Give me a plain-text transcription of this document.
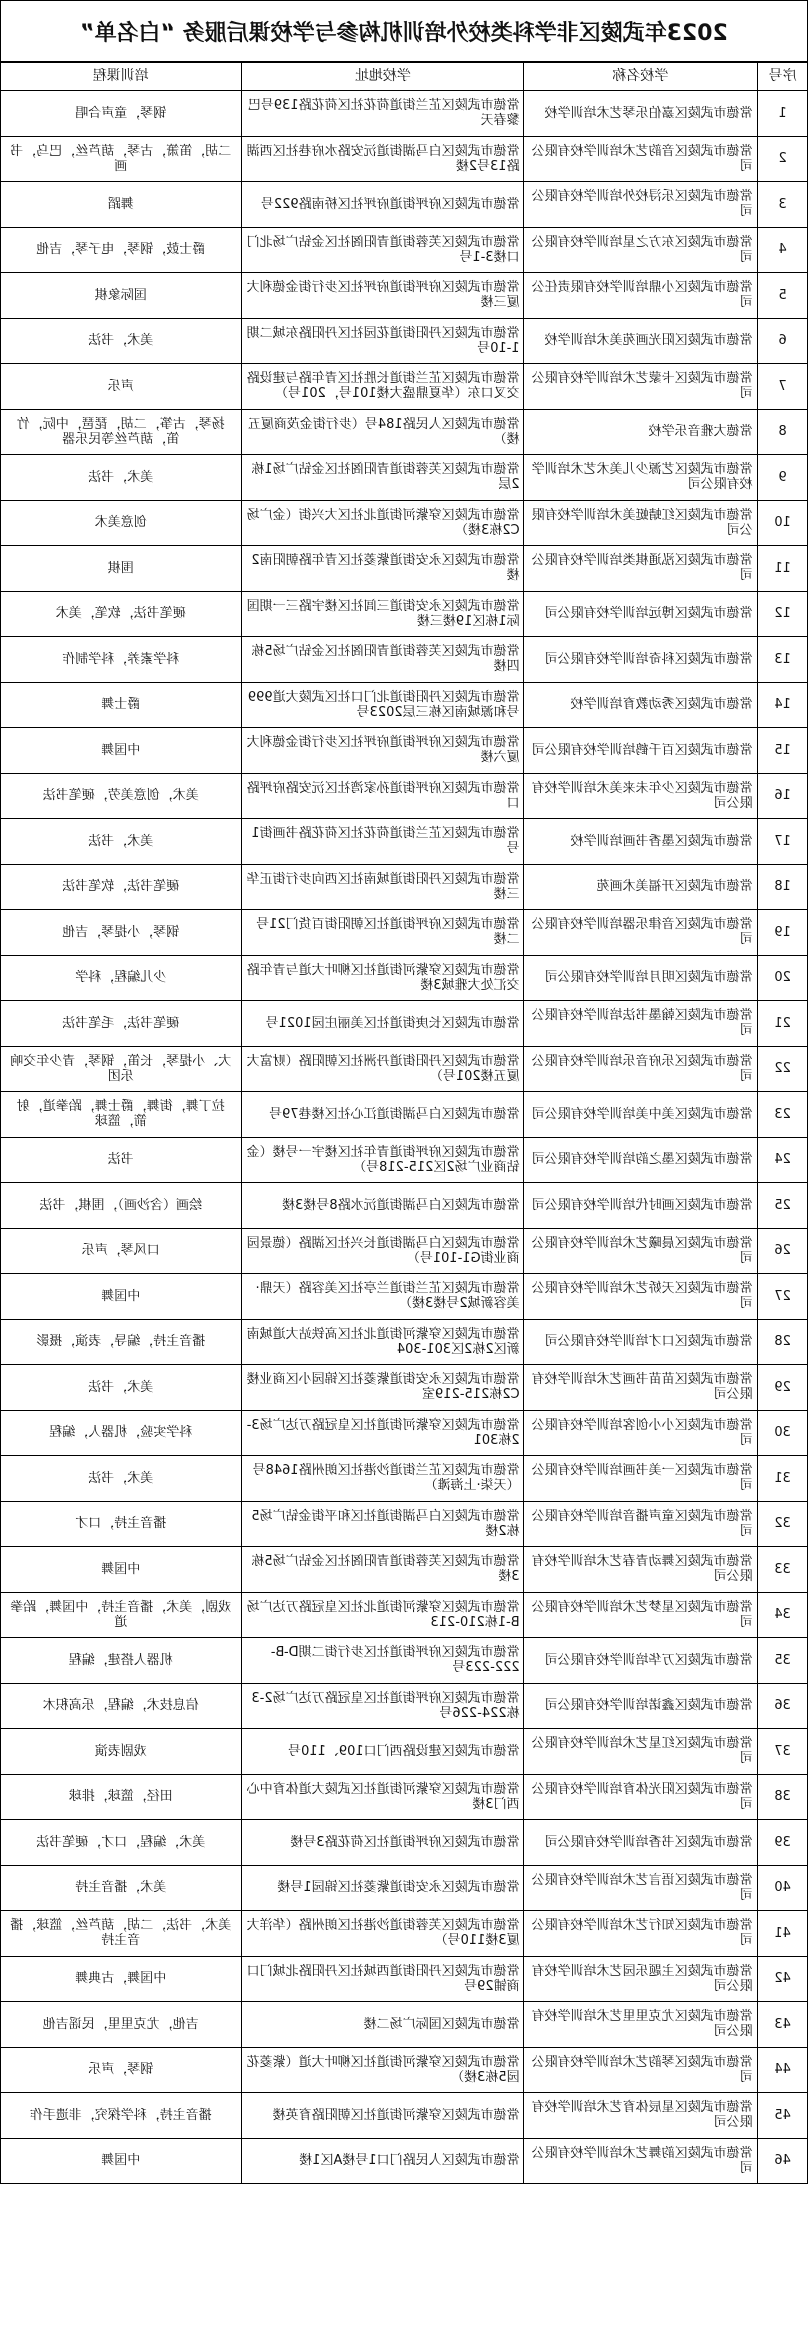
2023年武陵区非学科类校外培训机构参与学校课后服务 “白名单”
培训课程	学校地址	学校名称	序号

钢琴，童声合唱	常德市武陵区芷兰街道荷花社区荷花路139号巴黎春天	常德市武陵区嘉伯乐琴艺术培训学校	1

二胡，笛箫，古琴，葫芦丝，巴乌，书画	常德市武陵区白马湖街道沅安路水府巷社区西湖路13号2楼	常德市武陵区音韵艺术培训学校有限公司	2

舞蹈	常德市武陵区府坪街道府坪社区桥南路922号	常德市武陵区乐浔校外培训学校有限公司	3

爵士鼓，钢琴，电子琴，吉他	常德市武陵区芙蓉街道青阳阁社区金钻广场北门口楼3-1号	常德市武陵区东方之星培训学校有限公司	4

国际象棋	常德市武陵区府坪街道府坪社区步行街金德利大厦三楼	常德市武陵区小鼎培训学校有限责任公司	5

美术，书法	常德市武陵区丹阳街道花园社区丹阳路东城二期1-10号	常德市武陵区阳光画苑美术培训学校	6

声乐	常德市武陵区芷兰街道长胜社区青年路与建设路交叉口东（华夏鼎盛大楼101号，201号）	常德市武陵区卡蒙艺术培训学校有限公司	7

扬琴，古筝，二胡，琵琶，中阮，竹笛，葫芦丝等民乐器	常德市武陵区人民路184号（步行街金茂商厦五楼）	常德大雅音乐学校	8

美术，书法	常德市武陵区芙蓉街道青阳阁社区金钻广场1栋2层	常德市武陵区艺源少儿美术艺术培训学校有限公司	9

创意美术	常德市武陵区穿紫河街道北社区大兴街（金广场C2栋3楼）	常德市武陵区红蜻蜓美术培训学校有限公司	10

围棋	常德市武陵区永安街道紫菱社区青年路朝阳南2楼	常德市武陵区泓通棋类培训学校有限公司	11

硬笔书法，软笔，美术	常德市武陵区永安街道三闾社区楼宇路三一期国际1栋区19楼三楼	常德市武陵区博远培训学校有限公司	12

科学素养，科学制作	常德市武陵区芙蓉街道青阳阁社区金钻广场5栋四楼	常德市武陵区科奇培训学校有限公司	13

爵士舞	常德市武陵区丹阳街道北门口社区武陵大道999号和源城南区栋三层2023号	常德市武陵区秀动教育培训学校	14

中国舞	常德市武陵区府坪街道府坪社区步行街金德利大厦六楼	常德市武陵区百千鹤培训学校有限公司	15

美术，创意美劳，硬笔书法	常德市武陵区府坪街道孙家湾社区沅安路府坪路口	常德市武陵区少年未来美术培训学校有限公司	16

美术，书法	常德市武陵区芷兰街道荷花社区荷花路书画街1号	常德市武陵区墨香书画培训学校	17

硬笔书法，软笔书法	常德市武陵区丹阳街道城南社区西向步行街正华三楼	常德市武陵区开福美术画苑	18

钢琴，小提琴，吉他	常德市武陵区府坪街道社区朝阳街百货门21号二楼	常德市武陵区音律乐器培训学校有限公司	19

少儿编程，科学	常德市武陵区穿紫河街道社区柳叶大道与青年路交汇处大雅城3楼	常德市武陵区明月培训学校有限公司	20

硬笔书法，毛笔书法	常德市武陵区长庚街道社区美丽庄园1021号	常德市武陵区翰墨书法培训学校有限公司	21

大、小提琴，长笛，钢琴，青少年交响乐团	常德市武陵区丹阳街道丹洲社区朝阳路（财富大厦五楼201号）	常德市武陵区乐府音乐培训学校有限公司	22

拉丁舞，街舞，爵士舞，跆拳道，射箭，篮球	常德市武陵区白马湖街道江心社区楼巷79号	常德市武陵区美中美培训学校有限公司	23

书法	常德市武陵区府坪街道青年社区楼宇一号楼（金钻商业广场2区215-218号）	常德市武陵区墨之韵培训学校有限公司	24

绘画（含沙画），围棋，书法	常德市武陵区白马湖街道沅水路8号楼3楼	常德市武陵区画时代培训学校有限公司	25

口风琴，声乐	常德市武陵区白马湖街道长兴社区湖路（德景园商业街G1-101号）	常德市武陵区晨曦艺术培训学校有限公司	26

中国舞	常德市武陵区芷兰街道兰亭社区美容路（天鼎·美容新城2号楼3楼）	常德市武陵区天娇艺术培训学校有限公司	27

播音主持，编导，表演，摄影	常德市武陵区穿紫河街道北社区高铁站大道城南新区2栋2区301-304	常德市武陵区口才培训学校有限公司	28

美术，书法	常德市武陵区永安街道紫菱社区锦园小区商业楼C2栋215-219室	常德市武陵区苗苗书画艺术培训学校有限公司	29

科学实验，机器人，编程	常德市武陵区穿紫河街道社区皇冠路万达广场3-2栋301	常德市武陵区小小创客培训学校有限公司	30

美术，书法	常德市武陵区芷兰街道沙港社区朗州路1648号（天柒·上海滩）	常德市武陵区一美书画培训学校有限公司	31

播音主持，口才	常德市武陵区白马湖街道社区和平街金钻广场5栋2楼	常德市武陵区童声播音培训学校有限公司	32

中国舞	常德市武陵区芙蓉街道青阳阁社区金钻广场5栋3楼	常德市武陵区舞动青春艺术培训学校有限公司	33

戏剧，美术，播音主持，中国舞，跆拳道	常德市武陵区穿紫河街道北社区皇冠路万达广场B-1栋210-213	常德市武陵区星梦艺术培训学校有限公司	34

机器人搭建，编程	常德市武陵区府坪街道社区步行街二期D-B-222-223号	常德市武陵区万华培训学校有限公司	35

信息技术，编程，乐高积木	常德市武陵区府坪街道社区皇冠路万达广场2-3栋224-226号	常德市武陵区鑫诺培训学校有限公司	36

戏剧表演	常德市武陵区建设路西门口109、110号	常德市武陵区红星艺术培训学校有限公司	37

田径，篮球，排球	常德市武陵区穿紫河街道社区武陵大道体育中心西门3楼	常德市武陵区阳光体育培训学校有限公司	38

美术，编程，口才，硬笔书法	常德市武陵区府坪街道社区荷花路3号楼	常德市武陵区书香培训学校有限公司	39

美术，播音主持	常德市武陵区永安街道紫菱社区锦园1号楼	常德市武陵区语言艺术培训学校有限公司	40

美术，书法，二胡，葫芦丝，篮球，播音主持	常德市武陵区芙蓉街道沙港社区朗州路（华洋大厦3楼110号）	常德市武陵区知行艺术培训学校有限公司	41

中国舞，古典舞	常德市武陵区丹阳街道西城社区丹阳路北城门口商铺29号	常德市武陵区主题乐园艺术培训学校有限公司	42

吉他，尤克里里，民谣吉他	常德市武陵区国际广场二楼	常德市武陵区尤克里里艺术培训学校有限公司	43

钢琴，声乐	常德市武陵区穿紫河街道社区柳叶大道（紫菱花园5栋3楼）	常德市武陵区琴韵艺术培训学校有限公司	44

播音主持，科学探究，非遗手作	常德市武陵区穿紫河街道社区朝阳路育英楼	常德市武陵区星辰体育艺术培训学校有限公司	45

中国舞	常德市武陵区人民路门口1号楼A区1楼	常德市武陵区韵舞艺术培训学校有限公司	46
